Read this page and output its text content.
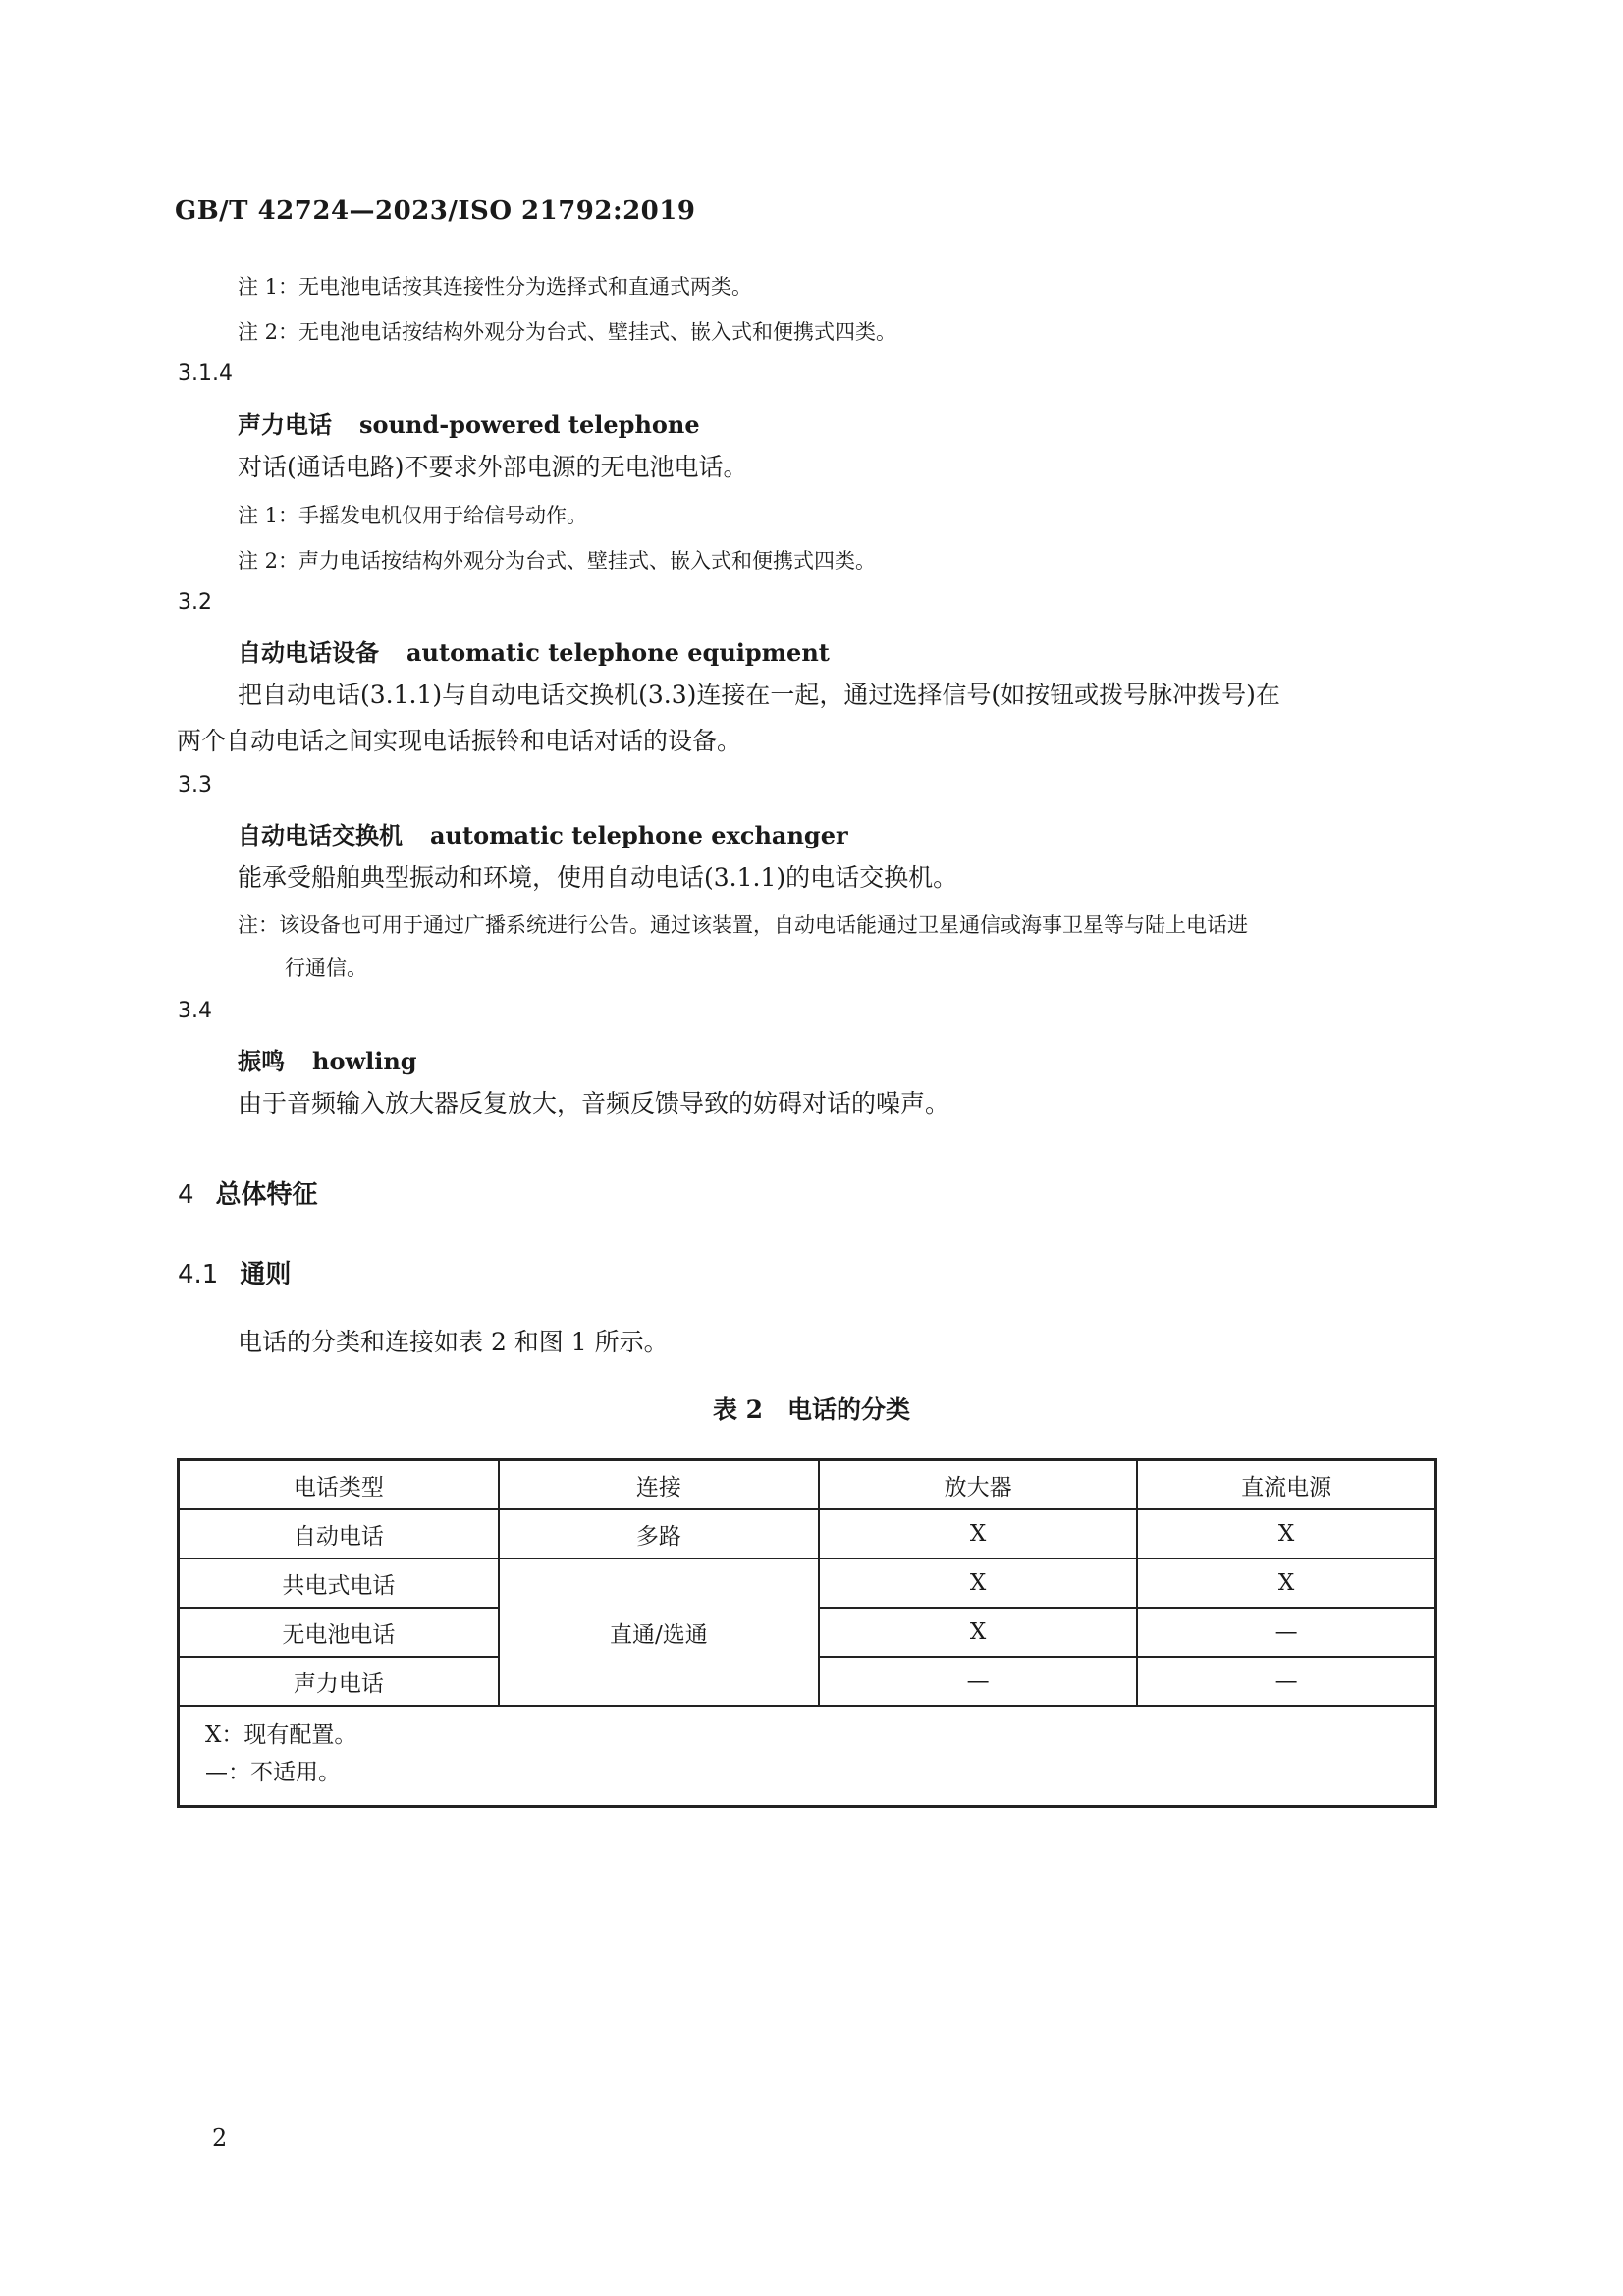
GB/T 42724—2023/ISO 21792:2019
注 1：无电池电话按其连接性分为选择式和直通式两类。
注 2：无电池电话按结构外观分为台式、壁挂式、嵌入式和便携式四类。
3.1.4
声力电话 sound-powered telephone
对话(通话电路)不要求外部电源的无电池电话。
注 1：手摇发电机仅用于给信号动作。
注 2：声力电话按结构外观分为台式、壁挂式、嵌入式和便携式四类。
3.2
自动电话设备 automatic telephone equipment
把自动电话(3.1.1)与自动电话交换机(3.3)连接在一起，通过选择信号(如按钮或拨号脉冲拨号)在
两个自动电话之间实现电话振铃和电话对话的设备。
3.3
自动电话交换机 automatic telephone exchanger
能承受船舶典型振动和环境，使用自动电话(3.1.1)的电话交换机。
注：该设备也可用于通过广播系统进行公告。通过该装置，自动电话能通过卫星通信或海事卫星等与陆上电话进
行通信。
3.4
振鸣 howling
由于音频输入放大器反复放大，音频反馈导致的妨碍对话的噪声。
4 总体特征
4.1 通则
电话的分类和连接如表 2 和图 1 所示。
表 2　电话的分类
电话类型	连接	放大器	直流电源
自动电话	多路	X	X
共电式电话	直通/选通	X	X
无电池电话		X	—
声力电话		—	—

X：现有配置。
—：不适用。			
2
